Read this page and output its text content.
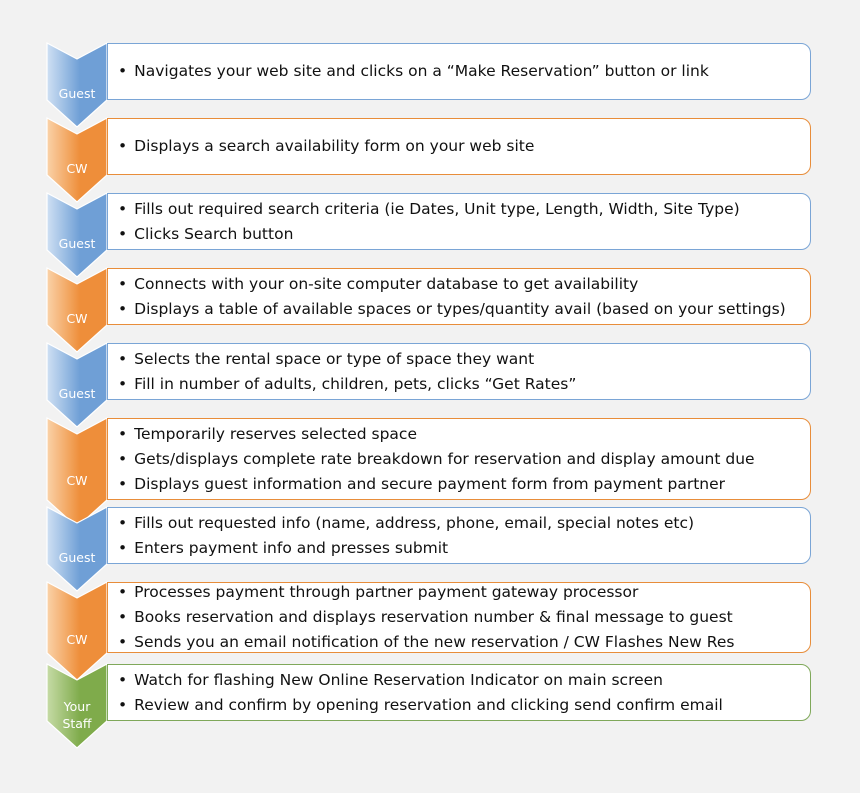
Guest
• Navigates your web site and clicks on a “Make Reservation” button or link
CW
• Displays a search availability form on your web site
Guest
• Fills out required search criteria (ie Dates, Unit type, Length, Width, Site Type)
• Clicks Search button
CW
• Connects with your on-site computer database to get availability
• Displays a table of available spaces or types/quantity avail (based on your settings)
Guest
• Selects the rental space or type of space they want
• Fill in number of adults, children, pets, clicks “Get Rates”
CW
• Temporarily reserves selected space
• Gets/displays complete rate breakdown for reservation and display amount due
• Displays guest information and secure payment form from payment partner
Guest
• Fills out requested info (name, address, phone, email, special notes etc)
• Enters payment info and presses submit
CW
• Processes payment through partner payment gateway processor
• Books reservation and displays reservation number & final message to guest
• Sends you an email notification of the new reservation / CW Flashes New Res
Your Staff
• Watch for flashing New Online Reservation Indicator on main screen
• Review and confirm by opening reservation and clicking send confirm email
